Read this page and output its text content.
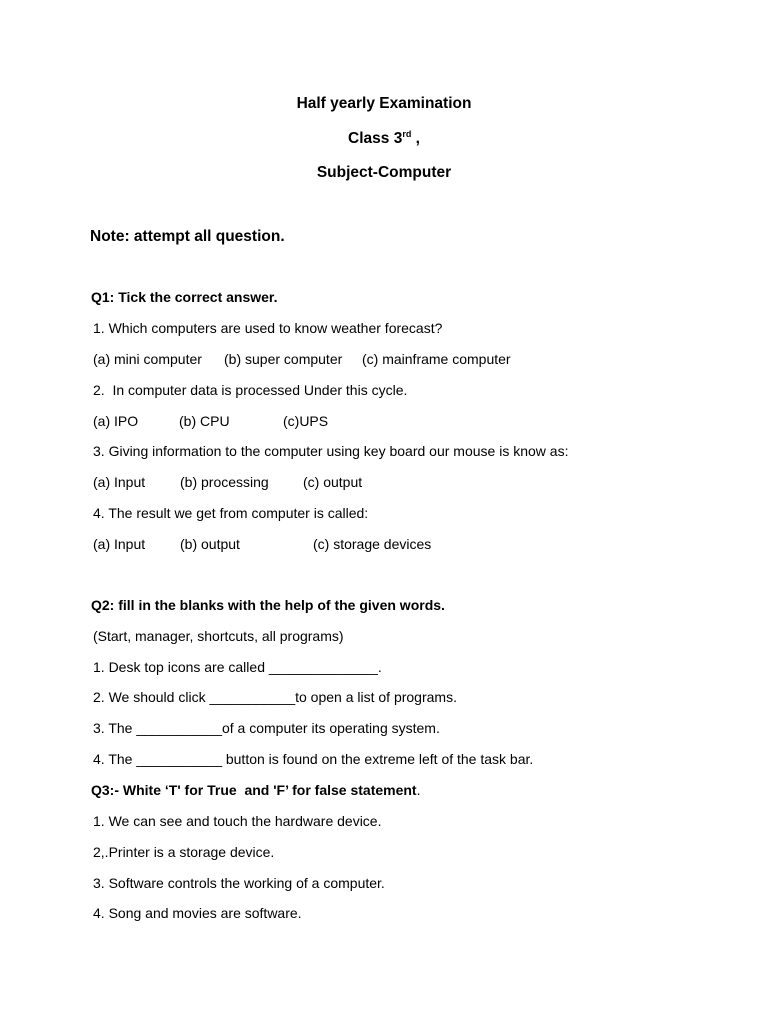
Half yearly Examination
Class 3rd ,
Subject-Computer
Note: attempt all question.
Q1: Tick the correct answer.
1. Which computers are used to know weather forecast?
(a) mini computer (b) super computer (c) mainframe computer
2.  In computer data is processed Under this cycle.
(a) IPO	(b) CPU	(c)UPS
3. Giving information to the computer using key board our mouse is know as:
(a) Input (b) processing (c) output
4. The result we get from computer is called:
(a) Input (b) output	(c) storage devices
Q2: fill in the blanks with the help of the given words.
(Start, manager, shortcuts, all programs)
1. Desk top icons are called ______________.
2. We should click ___________to open a list of programs.
3. The ___________of a computer its operating system.
4. The ___________ button is found on the extreme left of the task bar.
Q3:- White ‘T' for True  and 'F’ for false statement.
1. We can see and touch the hardware device.
2,.Printer is a storage device.
3. Software controls the working of a computer.
4. Song and movies are software.
